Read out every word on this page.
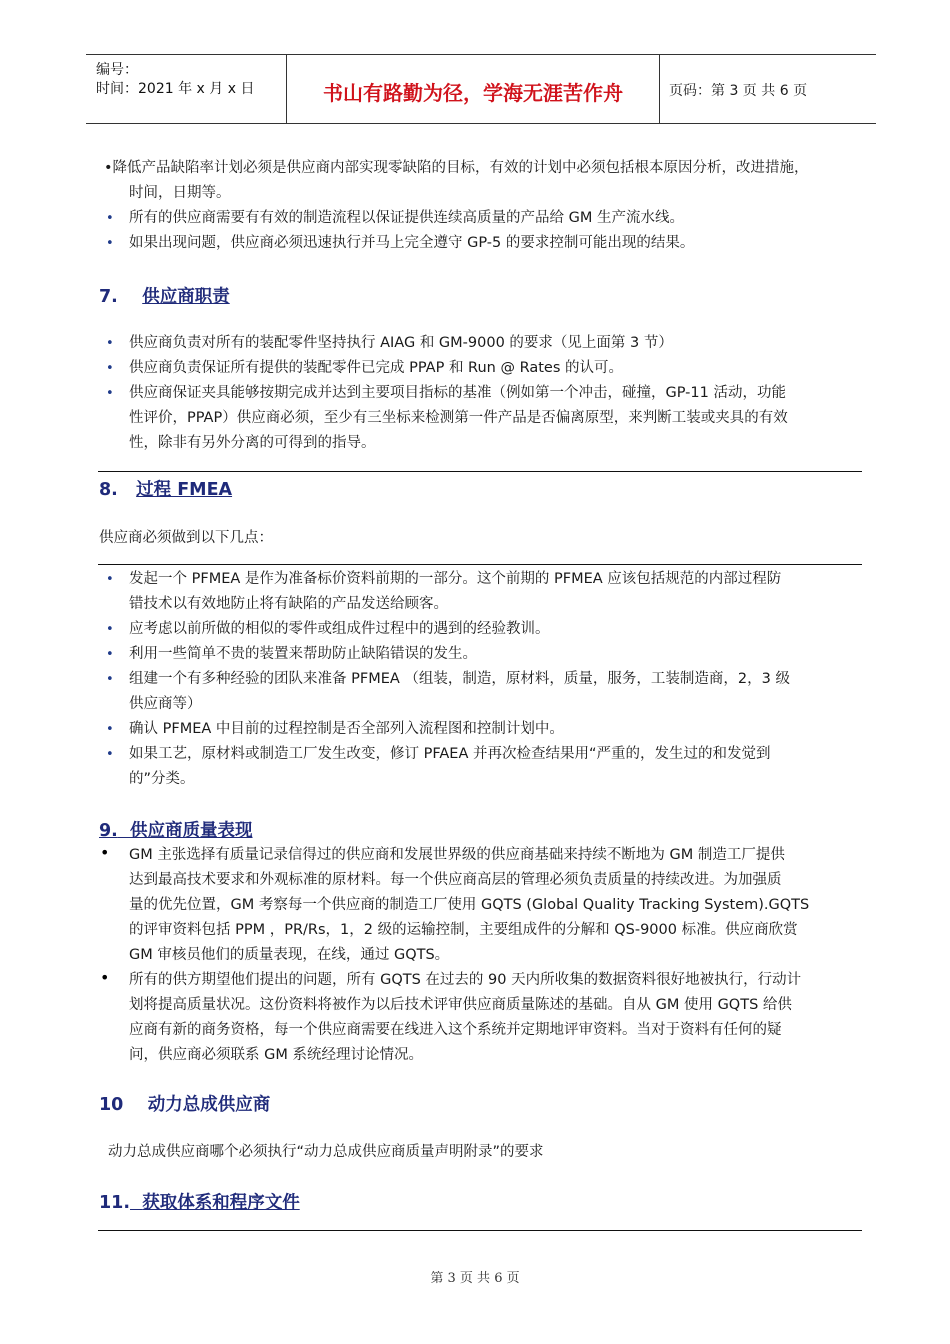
编号：
时间：2021 年 x 月 x 日	书山有路勤为径，学海无涯苦作舟	页码：第 3 页 共 6 页
•降低产品缺陷率计划必须是供应商内部实现零缺陷的目标，有效的计划中必须包括根本原因分析，改进措施，
时间，日期等。
• 所有的供应商需要有有效的制造流程以保证提供连续高质量的产品给 GM 生产流水线。
• 如果出现问题，供应商必须迅速执行并马上完全遵守 GP-5 的要求控制可能出现的结果。
7. 供应商职责
• 供应商负责对所有的装配零件坚持执行 AIAG 和 GM-9000 的要求（见上面第 3 节）
• 供应商负责保证所有提供的装配零件已完成 PPAP 和 Run @ Rates 的认可。
• 供应商保证夹具能够按期完成并达到主要项目指标的基准（例如第一个冲击，碰撞，GP-11 活动，功能
性评价，PPAP）供应商必须，至少有三坐标来检测第一件产品是否偏离原型，来判断工装或夹具的有效
性，除非有另外分离的可得到的指导。
8. 过程 FMEA
供应商必须做到以下几点：
• 发起一个 PFMEA 是作为准备标价资料前期的一部分。这个前期的 PFMEA 应该包括规范的内部过程防
错技术以有效地防止将有缺陷的产品发送给顾客。
• 应考虑以前所做的相似的零件或组成件过程中的遇到的经验教训。
• 利用一些简单不贵的装置来帮助防止缺陷错误的发生。
• 组建一个有多种经验的团队来准备 PFMEA （组装，制造，原材料，质量，服务，工装制造商，2，3 级
供应商等）
• 确认 PFMEA 中目前的过程控制是否全部列入流程图和控制计划中。
• 如果工艺，原材料或制造工厂发生改变，修订 PFAEA 并再次检查结果用“严重的，发生过的和发觉到
的”分类。
9. 供应商质量表现
• GM 主张选择有质量记录信得过的供应商和发展世界级的供应商基础来持续不断地为 GM 制造工厂提供
达到最高技术要求和外观标准的原材料。每一个供应商高层的管理必须负责质量的持续改进。为加强质
量的优先位置，GM 考察每一个供应商的制造工厂使用 GQTS (Global Quality Tracking System).GQTS
的评审资料包括 PPM ，PR/Rs，1，2 级的运输控制，主要组成件的分解和 QS-9000 标准。供应商欣赏
GM 审核员他们的质量表现，在线，通过 GQTS。
• 所有的供方期望他们提出的问题，所有 GQTS 在过去的 90 天内所收集的数据资料很好地被执行，行动计
划将提高质量状况。这份资料将被作为以后技术评审供应商质量陈述的基础。自从 GM 使用 GQTS 给供
应商有新的商务资格，每一个供应商需要在线进入这个系统并定期地评审资料。当对于资料有任何的疑
问，供应商必须联系 GM 系统经理讨论情况。
10 动力总成供应商
动力总成供应商哪个必须执行“动力总成供应商质量声明附录”的要求
11. 获取体系和程序文件
第 3 页 共 6 页
